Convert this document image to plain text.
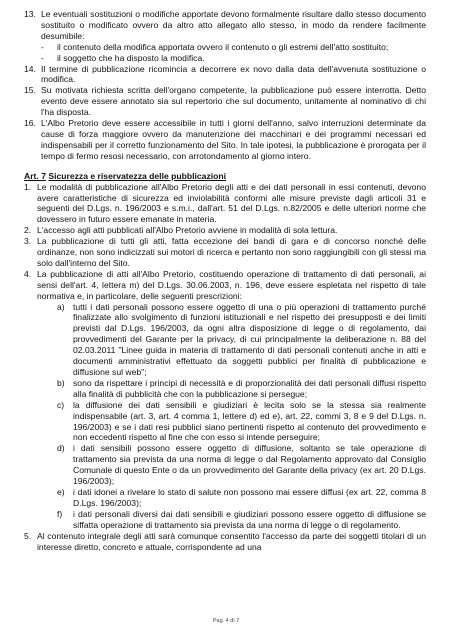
13. Le eventuali sostituzioni o modifiche apportate devono formalmente risultare dallo stesso documento sostituito o modificato ovvero da altro atto allegato allo stesso, in modo da rendere facilmente desumibile:
-	il contenuto della modifica apportata ovvero il contenuto o gli estremi dell'atto sostituito;
-	il soggetto che ha disposto la modifica.
14. Il termine di pubblicazione ricomincia a decorrere ex novo dalla data dell'avvenuta sostituzione o modifica.
15. Su motivata richiesta scritta dell'organo competente, la pubblicazione può essere interrotta. Detto evento deve essere annotato sia sul repertorio che sul documento, unitamente al nominativo di chi l'ha disposta.
16. L'Albo Pretorio deve essere accessibile in tutti i giorni dell'anno, salvo interruzioni determinate da cause di forza maggiore ovvero da manutenzione dei macchinari e dei programmi necessari ed indispensabili per il corretto funzionamento del Sito. In tale ipotesi, la pubblicazione è prorogata per il tempo di fermo resosi necessario, con arrotondamento al giorno intero.

Art. 7 Sicurezza e riservatezza delle pubblicazioni

1. Le modalità di pubblicazione all'Albo Pretorio degli atti e dei dati personali in essi contenuti, devono avere caratteristiche di sicurezza ed inviolabilità conformi alle misure previste dagli articoli 31 e seguenti del D.Lgs. n. 196/2003 e s.m.i., dall'art. 51 del D.Lgs. n.82/2005 e delle ulteriori norme che dovessero in futuro essere emanate in materia.
2. L'accesso agli atti pubblicati all'Albo Pretorio avviene in modalità di sola lettura.
3. La pubblicazione di tutti gli atti, fatta eccezione dei bandi di gara e di concorso nonché delle ordinanze, non sono indicizzati sui motori di ricerca e pertanto non sono raggiungibili con gli stessi ma solo dall'interno del Sito.
4. La pubblicazione di atti all'Albo Pretorio, costituendo operazione di trattamento di dati personali, ai sensi dell'art. 4, lettera m) del D.Lgs. 30.06.2003, n. 196, deve essere espletata nel rispetto di tale normativa e, in particolare, delle seguenti prescrizioni:
a) tutti i dati personali possono essere oggetto di una o più operazioni di trattamento purché finalizzate allo svolgimento di funzioni istituzionali e nel rispetto dei presupposti e dei limiti previsti dal D.Lgs. 196/2003, da ogni altra disposizione di legge o di regolamento, dai provvedimenti del Garante per la privacy, di cui principalmente la deliberazione n. 88 del 02.03.2011 "Linee guida in materia di trattamento di dati personali contenuti anche in atti e documenti amministrativi effettuato da soggetti pubblici per finalità di pubblicazione e diffusione sul web";
b) sono da rispettare i principi di necessità e di proporzionalità dei dati personali diffusi rispetto alla finalità di pubblicità che con la pubblicazione si persegue;
c)	la diffusione dei dati sensibili e giudiziari è lecita solo se la stessa sia realmente indispensabile (art. 3, art. 4 comma 1, lettere d) ed e), art. 22, commi 3, 8 e 9 del D.Lgs. n. 196/2003) e se i dati resi pubblici siano pertinenti rispetto al contenuto del provvedimento e non eccedenti rispetto al fine che con esso si intende perseguire;
d) i dati sensibili possono essere oggetto di diffusione, soltanto se tale operazione di trattamento sia prevista da una norma di legge o dal Regolamento approvato dal Consiglio Comunale di questo Ente o da un provvedimento del Garante della privacy (ex art. 20 D.Lgs. 196/2003);
e) i dati idonei a rivelare lo stato di salute non possono mai essere diffusi (ex art. 22, comma 8 D.Lgs. 196/2003);
f)	i dati personali diversi dai dati sensibili e giudiziari possono essere oggetto di diffusione se siffatta operazione di trattamento sia prevista da una norma di legge o di regolamento.
5. Al contenuto integrale degli atti sarà comunque consentito l'accesso da parte dei soggetti titolari di un interesse diretto, concreto e attuale, corrispondente ad una
Pag. 4 di 7
